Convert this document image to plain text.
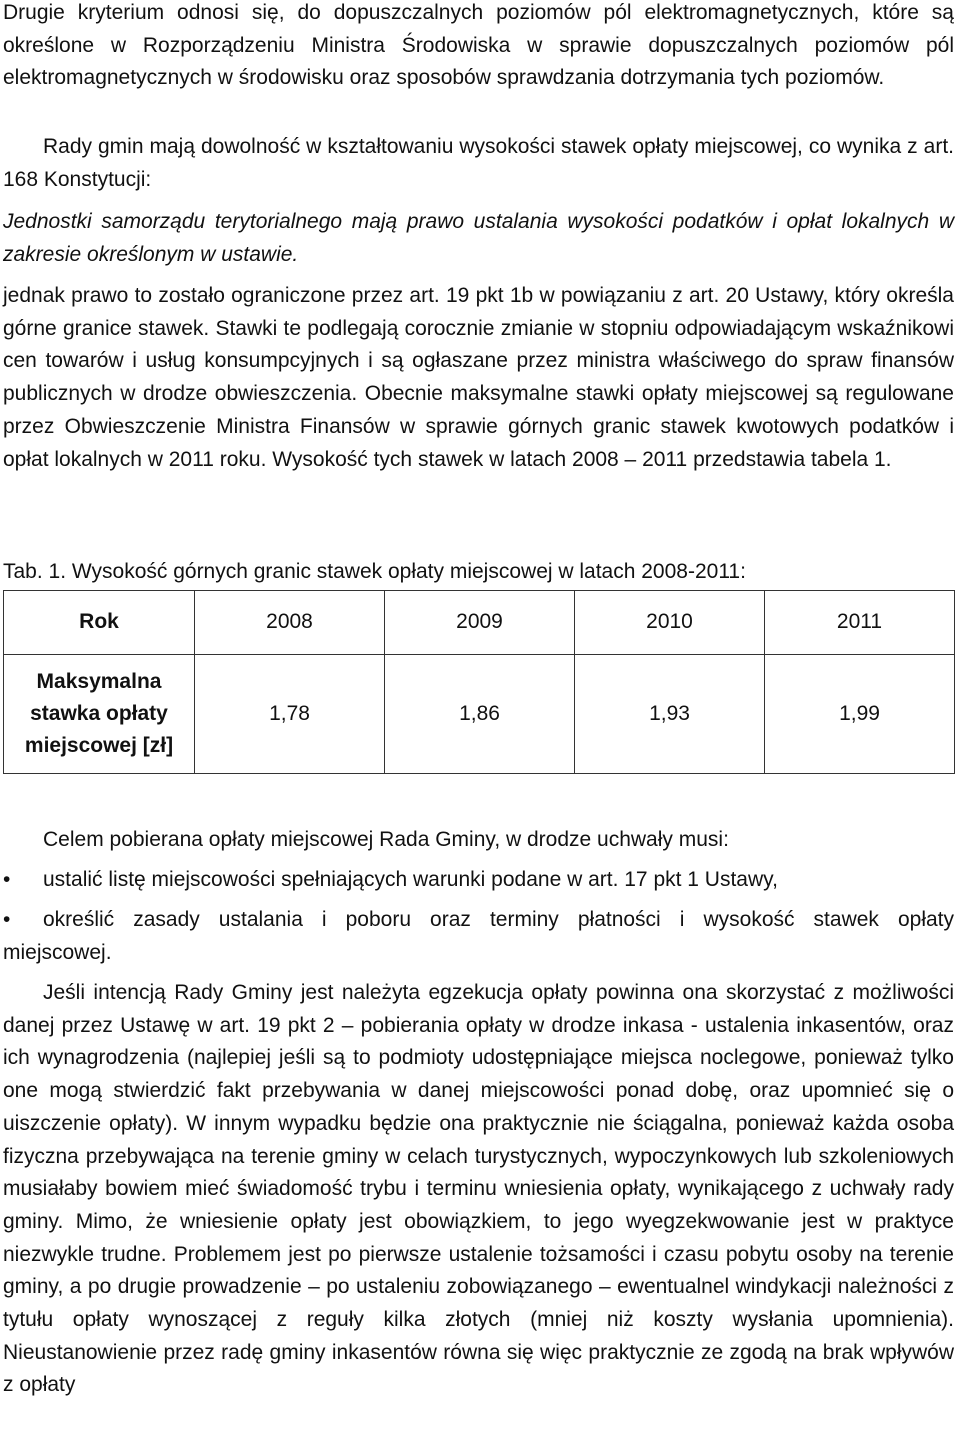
Drugie kryterium odnosi się, do dopuszczalnych poziomów pól elektromagnetycznych, które są określone w Rozporządzeniu Ministra Środowiska w sprawie dopuszczalnych poziomów pól elektromagnetycznych w środowisku oraz sposobów sprawdzania dotrzymania tych poziomów.

Rady gmin mają dowolność w kształtowaniu wysokości stawek opłaty miejscowej, co wynika z art. 168 Konstytucji:

Jednostki samorządu terytorialnego mają prawo ustalania wysokości podatków i opłat lokalnych w zakresie określonym w ustawie.

jednak prawo to zostało ograniczone przez art. 19 pkt 1b w powiązaniu z art. 20 Ustawy, który określa górne granice stawek. Stawki te podlegają corocznie zmianie w stopniu odpowiadającym wskaźnikowi cen towarów i usług konsumpcyjnych i są ogłaszane przez ministra właściwego do spraw finansów publicznych w drodze obwieszczenia. Obecnie maksymalne stawki opłaty miejscowej są regulowane przez Obwieszczenie Ministra Finansów w sprawie górnych granic stawek kwotowych podatków i opłat lokalnych w 2011 roku. Wysokość tych stawek w latach 2008 – 2011 przedstawia tabela 1.

Tab. 1. Wysokość górnych granic stawek opłaty miejscowej w latach 2008-2011:

Rok	2008	2009	2010	2011

Maksymalna
stawka opłaty
miejscowej [zł]	1,78	1,86	1,93	1,99

Celem pobierana opłaty miejscowej Rada Gminy, w drodze uchwały musi:

•
ustalić listę miejscowości spełniających warunki podane w art. 17 pkt 1 Ustawy,
•
określić zasady ustalania i poboru oraz terminy płatności i wysokość stawek opłaty

miejscowej.

Jeśli intencją Rady Gminy jest należyta egzekucja opłaty powinna ona skorzystać z możliwości danej przez Ustawę w art. 19 pkt 2 – pobierania opłaty w drodze inkasa - ustalenia inkasentów, oraz ich wynagrodzenia (najlepiej jeśli są to podmioty udostępniające miejsca noclegowe, ponieważ tylko one mogą stwierdzić fakt przebywania w danej miejscowości ponad dobę, oraz upomnieć się o uiszczenie opłaty). W innym wypadku będzie ona praktycznie nie ściągalna, ponieważ każda osoba fizyczna przebywająca na terenie gminy w celach turystycznych, wypoczynkowych lub szkoleniowych musiałaby bowiem mieć świadomość trybu i terminu wniesienia opłaty, wynikającego z uchwały rady gminy. Mimo, że wniesienie opłaty jest obowiązkiem, to jego wyegzekwowanie jest w praktyce niezwykle trudne. Problemem jest po pierwsze ustalenie tożsamości i czasu pobytu osoby na terenie gminy, a po drugie prowadzenie – po ustaleniu zobowiązanego – ewentualnel windykacji należności z tytułu opłaty wynoszącej z reguły kilka złotych (mniej niż koszty wysłania upomnienia). Nieustanowienie przez radę gminy inkasentów równa się więc praktycznie ze zgodą na brak wpływów z opłaty
